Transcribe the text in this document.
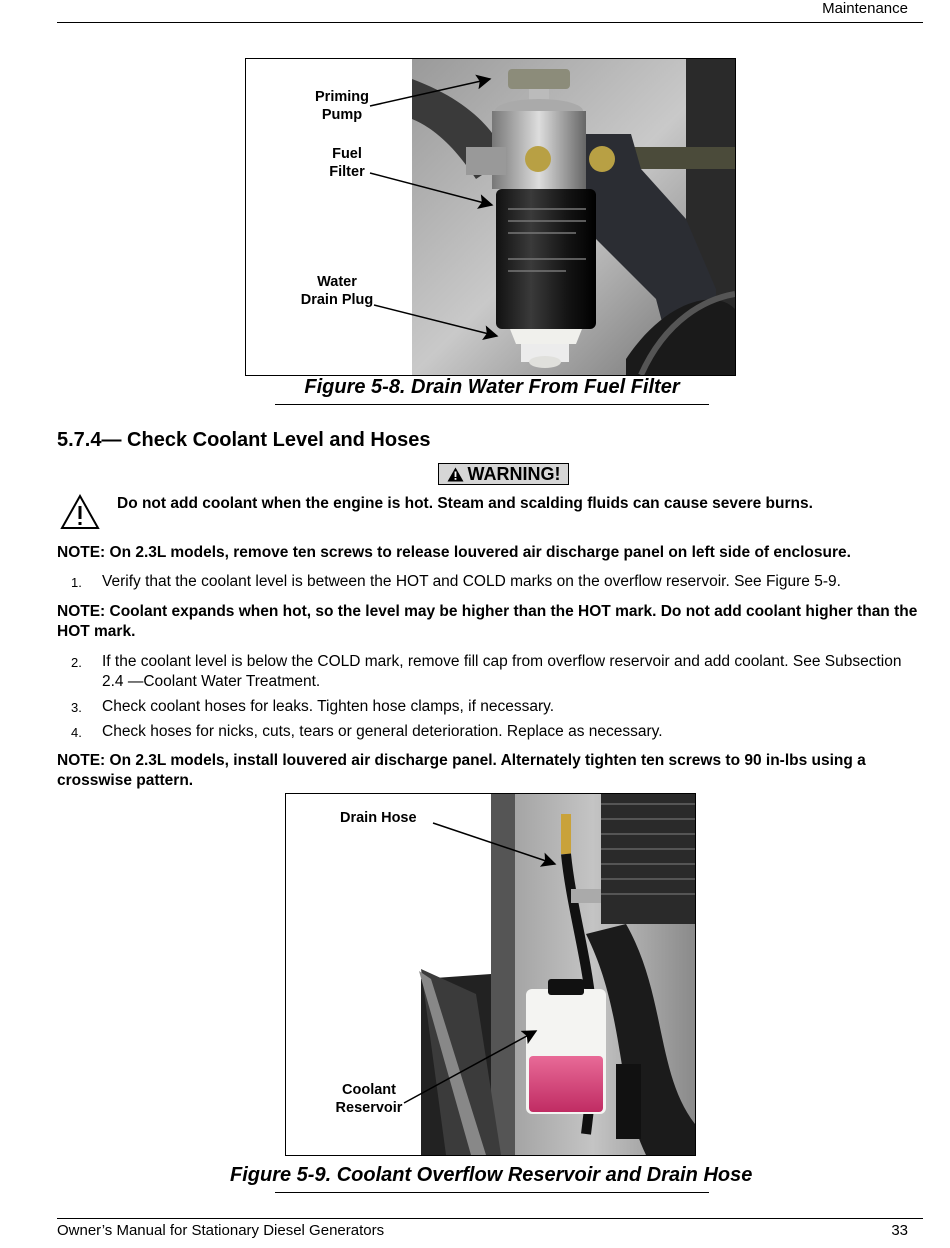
Maintenance
Priming
Pump
Fuel
Filter
Water
Drain Plug
Figure 5-8. Drain Water From Fuel Filter
5.7.4— Check Coolant Level and Hoses
WARNING!
Do not add coolant when the engine is hot. Steam and scalding fluids can cause severe burns.
NOTE: On 2.3L models, remove ten screws to release louvered air discharge panel on left side of enclosure.
1. Verify that the coolant level is between the HOT and COLD marks on the overflow reservoir. See Figure 5-9.
NOTE: Coolant expands when hot, so the level may be higher than the HOT mark. Do not add coolant higher than the HOT mark.
2. If the coolant level is below the COLD mark, remove fill cap from overflow reservoir and add coolant. See Subsection 2.4 —Coolant Water Treatment.
3. Check coolant hoses for leaks. Tighten hose clamps, if necessary.
4. Check hoses for nicks, cuts, tears or general deterioration. Replace as necessary.
NOTE: On 2.3L models, install louvered air discharge panel. Alternately tighten ten screws to 90 in-lbs using a crosswise pattern.
Drain Hose
Coolant
Reservoir
Figure 5-9. Coolant Overflow Reservoir and Drain Hose
Owner’s Manual for Stationary Diesel Generators	33
